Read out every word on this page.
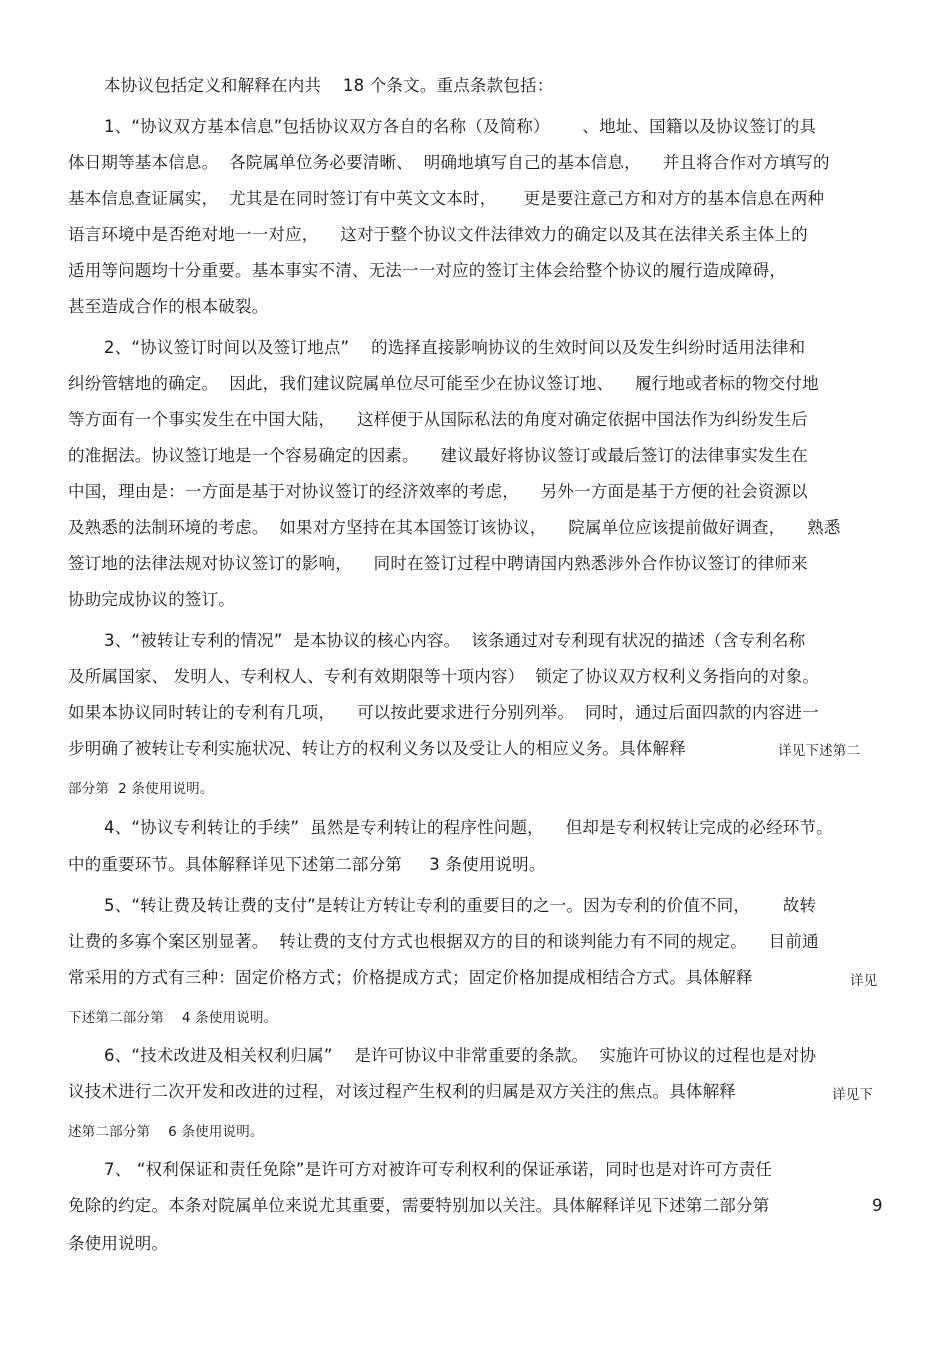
本协议包括定义和解释在内共    18 个条文。重点条款包括：
1、“协议双方基本信息”包括协议双方各自的名称（及简称）      、地址、国籍以及协议签订的具
体日期等基本信息。  各院属单位务必要清晰、  明确地填写自己的基本信息，    并且将合作对方填写的
基本信息查证属实，  尤其是在同时签订有中英文文本时，     更是要注意己方和对方的基本信息在两种
语言环境中是否绝对地一一对应，    这对于整个协议文件法律效力的确定以及其在法律关系主体上的
适用等问题均十分重要。基本事实不清、无法一一对应的签订主体会给整个协议的履行造成障碍，
甚至造成合作的根本破裂。
2、“协议签订时间以及签订地点”    的选择直接影响协议的生效时间以及发生纠纷时适用法律和
纠纷管辖地的确定。  因此，我们建议院属单位尽可能至少在协议签订地、    履行地或者标的物交付地
等方面有一个事实发生在中国大陆，    这样便于从国际私法的角度对确定依据中国法作为纠纷发生后
的准据法。协议签订地是一个容易确定的因素。    建议最好将协议签订或最后签订的法律事实发生在
中国，理由是：一方面是基于对协议签订的经济效率的考虑，    另外一方面是基于方便的社会资源以
及熟悉的法制环境的考虑。  如果对方坚持在其本国签订该协议，    院属单位应该提前做好调查，    熟悉
签订地的法律法规对协议签订的影响，    同时在签订过程中聘请国内熟悉涉外合作协议签订的律师来
协助完成协议的签订。
3、“被转让专利的情况”  是本协议的核心内容。  该条通过对专利现有状况的描述（含专利名称
及所属国家、 发明人、专利权人、专利有效期限等十项内容）  锁定了协议双方权利义务指向的对象。
如果本协议同时转让的专利有几项，    可以按此要求进行分别列举。  同时，通过后面四款的内容进一
步明确了被转让专利实施状况、转让方的权利义务以及受让人的相应义务。具体解释	详见下述第二
部分第  2 条使用说明。
4、“协议专利转让的手续”  虽然是专利转让的程序性问题，    但却是专利权转让完成的必经环节。
中的重要环节。具体解释详见下述第二部分第     3 条使用说明。
5、“转让费及转让费的支付”是转让方转让专利的重要目的之一。因为专利的价值不同，      故转
让费的多寡个案区别显著。  转让费的支付方式也根据双方的目的和谈判能力有不同的规定。    目前通
常采用的方式有三种：固定价格方式；价格提成方式；固定价格加提成相结合方式。具体解释	详见
下述第二部分第    4 条使用说明。
6、“技术改进及相关权利归属”    是许可协议中非常重要的条款。  实施许可协议的过程也是对协
议技术进行二次开发和改进的过程，对该过程产生权利的归属是双方关注的焦点。具体解释	详见下
述第二部分第    6 条使用说明。
7、 “权利保证和责任免除”是许可方对被许可专利权利的保证承诺，同时也是对许可方责任
免除的约定。本条对院属单位来说尤其重要，需要特别加以关注。具体解释详见下述第二部分第	9
条使用说明。
